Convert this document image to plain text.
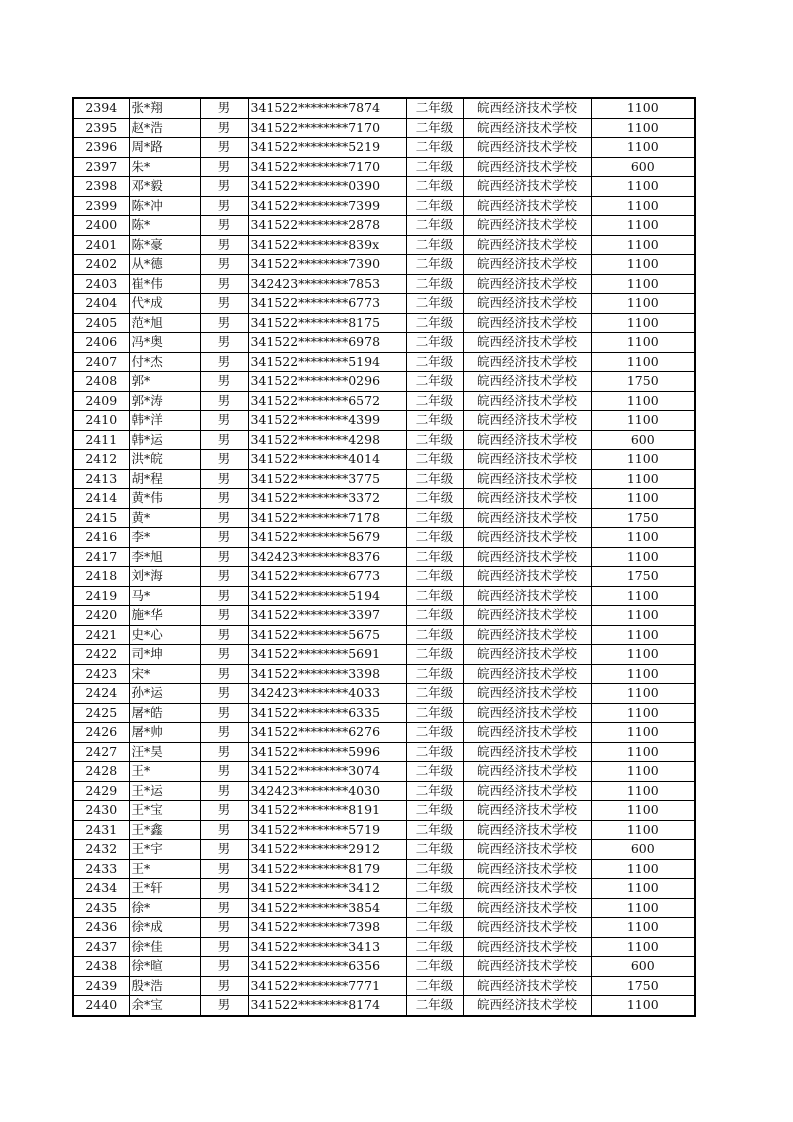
2394	张*翔	男	341522********7874	二年级	皖西经济技术学校	1100
2395	赵*浩	男	341522********7170	二年级	皖西经济技术学校	1100
2396	周*路	男	341522********5219	二年级	皖西经济技术学校	1100
2397	朱*	男	341522********7170	二年级	皖西经济技术学校	600
2398	邓*毅	男	341522********0390	二年级	皖西经济技术学校	1100
2399	陈*冲	男	341522********7399	二年级	皖西经济技术学校	1100
2400	陈*	男	341522********2878	二年级	皖西经济技术学校	1100
2401	陈*豪	男	341522********839x	二年级	皖西经济技术学校	1100
2402	从*德	男	341522********7390	二年级	皖西经济技术学校	1100
2403	崔*伟	男	342423********7853	二年级	皖西经济技术学校	1100
2404	代*成	男	341522********6773	二年级	皖西经济技术学校	1100
2405	范*旭	男	341522********8175	二年级	皖西经济技术学校	1100
2406	冯*奥	男	341522********6978	二年级	皖西经济技术学校	1100
2407	付*杰	男	341522********5194	二年级	皖西经济技术学校	1100
2408	郭*	男	341522********0296	二年级	皖西经济技术学校	1750
2409	郭*涛	男	341522********6572	二年级	皖西经济技术学校	1100
2410	韩*洋	男	341522********4399	二年级	皖西经济技术学校	1100
2411	韩*运	男	341522********4298	二年级	皖西经济技术学校	600
2412	洪*皖	男	341522********4014	二年级	皖西经济技术学校	1100
2413	胡*程	男	341522********3775	二年级	皖西经济技术学校	1100
2414	黄*伟	男	341522********3372	二年级	皖西经济技术学校	1100
2415	黄*	男	341522********7178	二年级	皖西经济技术学校	1750
2416	李*	男	341522********5679	二年级	皖西经济技术学校	1100
2417	李*旭	男	342423********8376	二年级	皖西经济技术学校	1100
2418	刘*海	男	341522********6773	二年级	皖西经济技术学校	1750
2419	马*	男	341522********5194	二年级	皖西经济技术学校	1100
2420	施*华	男	341522********3397	二年级	皖西经济技术学校	1100
2421	史*心	男	341522********5675	二年级	皖西经济技术学校	1100
2422	司*坤	男	341522********5691	二年级	皖西经济技术学校	1100
2423	宋*	男	341522********3398	二年级	皖西经济技术学校	1100
2424	孙*运	男	342423********4033	二年级	皖西经济技术学校	1100
2425	屠*皓	男	341522********6335	二年级	皖西经济技术学校	1100
2426	屠*帅	男	341522********6276	二年级	皖西经济技术学校	1100
2427	汪*昊	男	341522********5996	二年级	皖西经济技术学校	1100
2428	王*	男	341522********3074	二年级	皖西经济技术学校	1100
2429	王*运	男	342423********4030	二年级	皖西经济技术学校	1100
2430	王*宝	男	341522********8191	二年级	皖西经济技术学校	1100
2431	王*鑫	男	341522********5719	二年级	皖西经济技术学校	1100
2432	王*宇	男	341522********2912	二年级	皖西经济技术学校	600
2433	王*	男	341522********8179	二年级	皖西经济技术学校	1100
2434	王*轩	男	341522********3412	二年级	皖西经济技术学校	1100
2435	徐*	男	341522********3854	二年级	皖西经济技术学校	1100
2436	徐*成	男	341522********7398	二年级	皖西经济技术学校	1100
2437	徐*佳	男	341522********3413	二年级	皖西经济技术学校	1100
2438	徐*暄	男	341522********6356	二年级	皖西经济技术学校	600
2439	殷*浩	男	341522********7771	二年级	皖西经济技术学校	1750
2440	余*宝	男	341522********8174	二年级	皖西经济技术学校	1100
